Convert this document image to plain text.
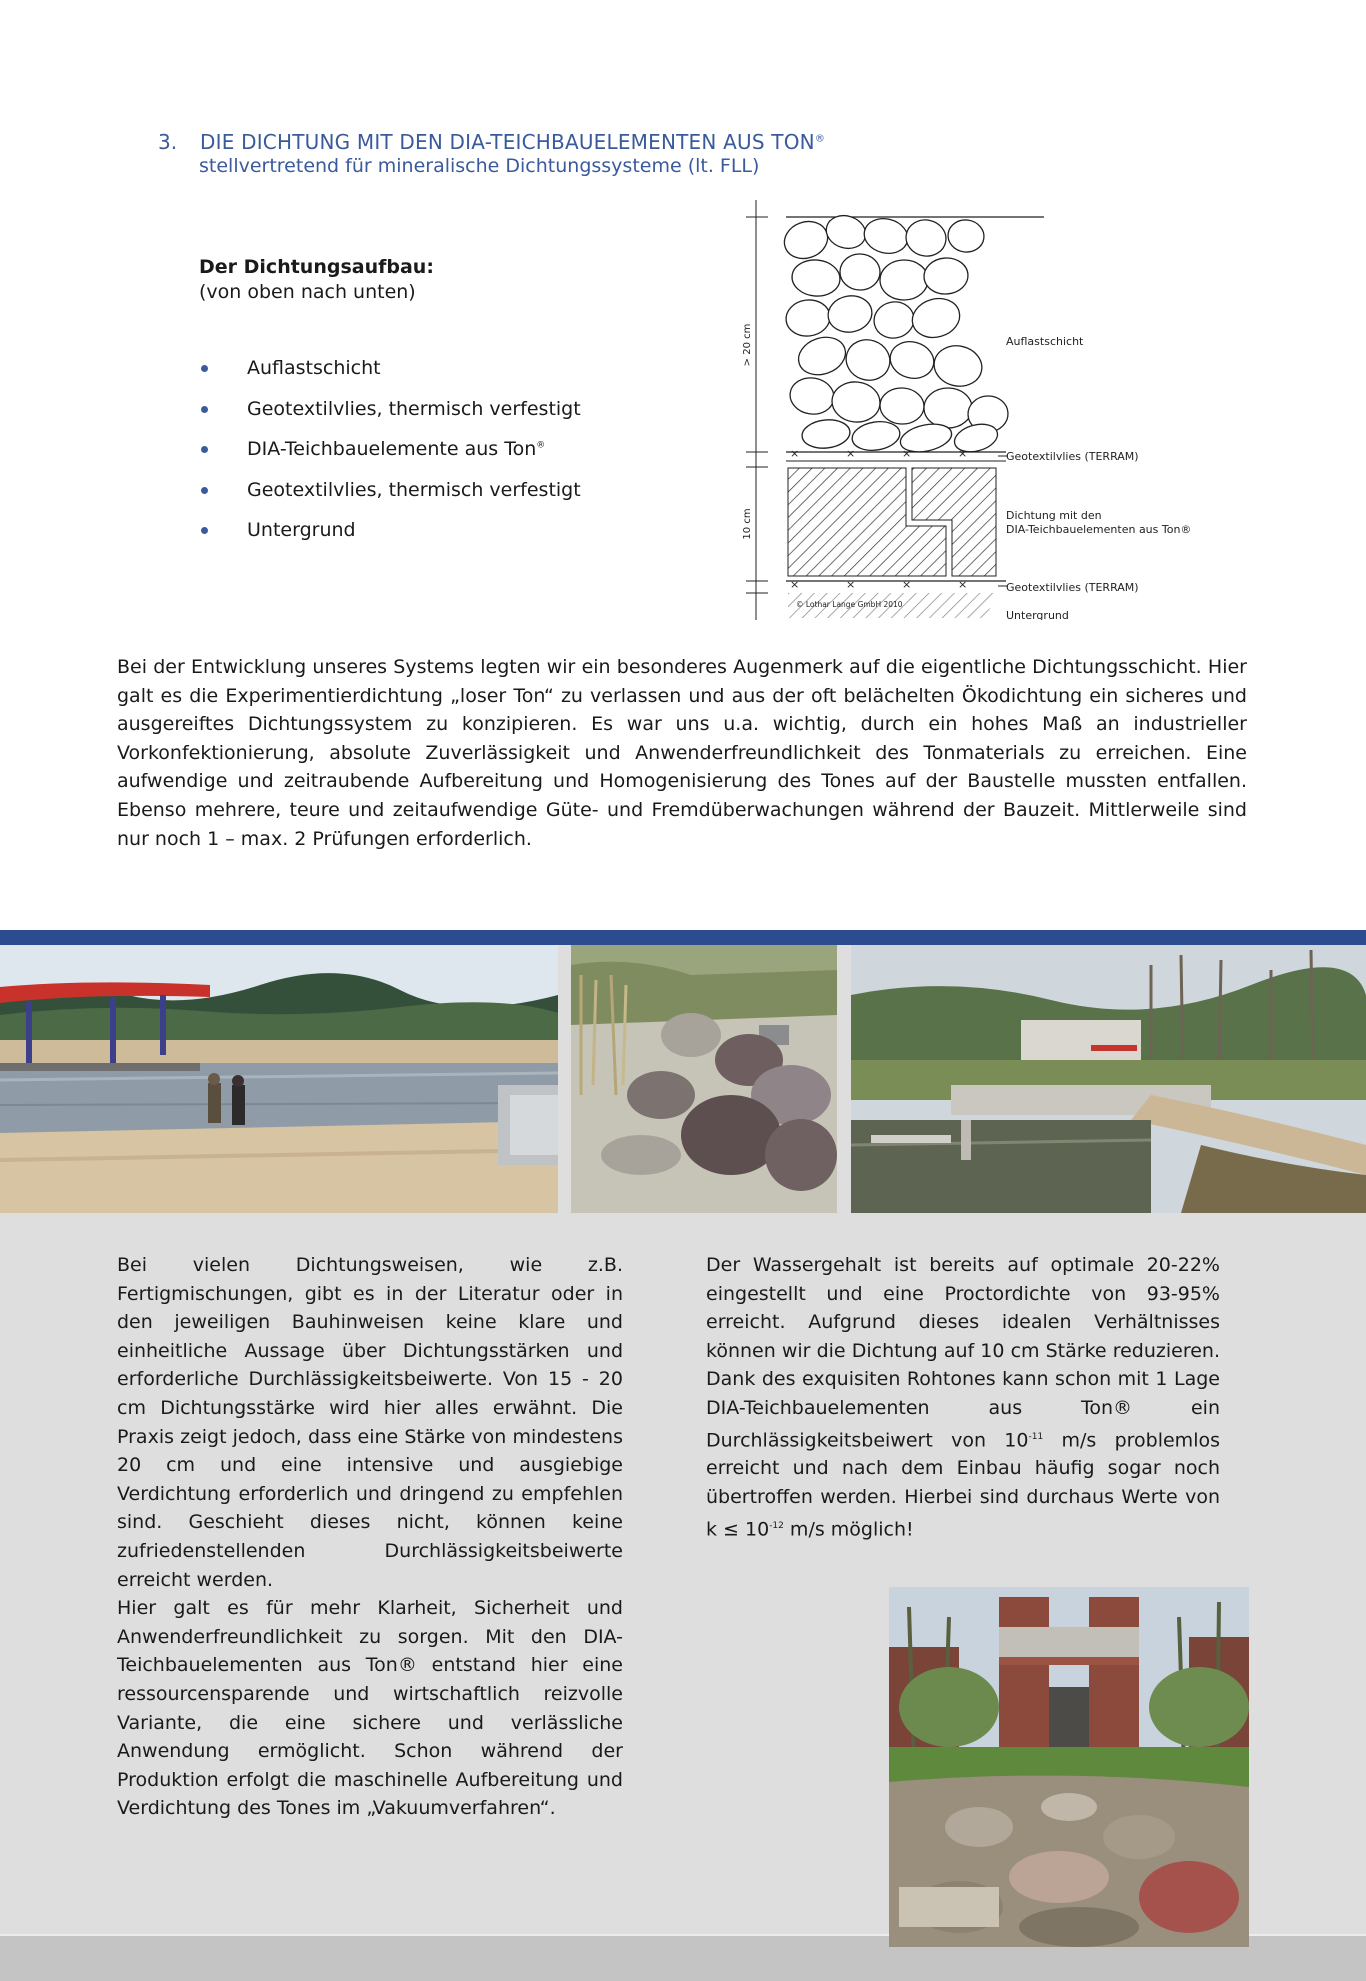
3. DIE DICHTUNG MIT DEN DIA-TEICHBAUELEMENTEN AUS TON®
stellvertretend für mineralische Dichtungssysteme (lt. FLL)
Der Dichtungsaufbau:
(von oben nach unten)
Auflastschicht
Geotextilvlies, thermisch verfestigt
DIA-Teichbauelemente aus Ton®
Geotextilvlies, thermisch verfestigt
Untergrund
×	×	×	×
×	×	×	×
> 20 cm
10 cm
Auflastschicht
Geotextilvlies (TERRAM)
Dichtung mit den
DIA-Teichbauelementen aus Ton®
Geotextilvlies (TERRAM)
Untergrund
© Lothar Lange GmbH 2010
Bei der Entwicklung unseres Systems legten wir ein besonderes Augenmerk auf die eigentliche Dichtungsschicht. Hier galt es die Experimentierdichtung „loser Ton“ zu verlassen und aus der oft belächelten Ökodichtung ein sicheres und ausgereiftes Dichtungssystem zu konzipieren. Es war uns u.a. wichtig, durch ein hohes Maß an industrieller Vorkonfektionierung, absolute Zuverlässigkeit und Anwenderfreundlichkeit des Tonmaterials zu erreichen. Eine aufwendige und zeitraubende Aufbereitung und Homogenisierung des Tones auf der Baustelle mussten entfallen. Ebenso mehrere, teure und zeitaufwendige Güte- und Fremdüberwachungen während der Bauzeit. Mittlerweile sind nur noch 1 – max. 2 Prüfungen erforderlich.

Bei vielen Dichtungsweisen, wie z.B. Fertigmischungen, gibt es in der Literatur oder in den jeweiligen Bauhinweisen keine klare und einheitliche Aussage über Dichtungsstärken und erforderliche Durchlässigkeitsbeiwerte. Von 15 - 20 cm Dichtungsstärke wird hier alles erwähnt. Die Praxis zeigt jedoch, dass eine Stärke von mindestens 20 cm und eine intensive und ausgiebige Verdichtung erforderlich und dringend zu empfehlen sind. Geschieht dieses nicht, können keine zufriedenstellenden Durchlässigkeitsbeiwerte erreicht werden.

Hier galt es für mehr Klarheit, Sicherheit und Anwenderfreundlichkeit zu sorgen. Mit den DIA-Teichbauelementen aus Ton® entstand hier eine ressourcensparende und wirtschaftlich reizvolle Variante, die eine sichere und verlässliche Anwendung ermöglicht. Schon während der Produktion erfolgt die maschinelle Aufbereitung und Verdichtung des Tones im „Vakuumverfahren“.

Der Wassergehalt ist bereits auf optimale 20-22% eingestellt und eine Proctordichte von 93-95% erreicht. Aufgrund dieses idealen Verhältnisses können wir die Dichtung auf 10 cm Stärke reduzieren. Dank des exquisiten Rohtones kann schon mit 1 Lage DIA-Teichbauelementen aus Ton® ein Durchlässigkeitsbeiwert von $10^{-11}$ m/s problemlos erreicht und nach dem Einbau häufig sogar noch übertroffen werden. Hierbei sind durchaus Werte von $k \le 10^{-12}$ m/s möglich!
